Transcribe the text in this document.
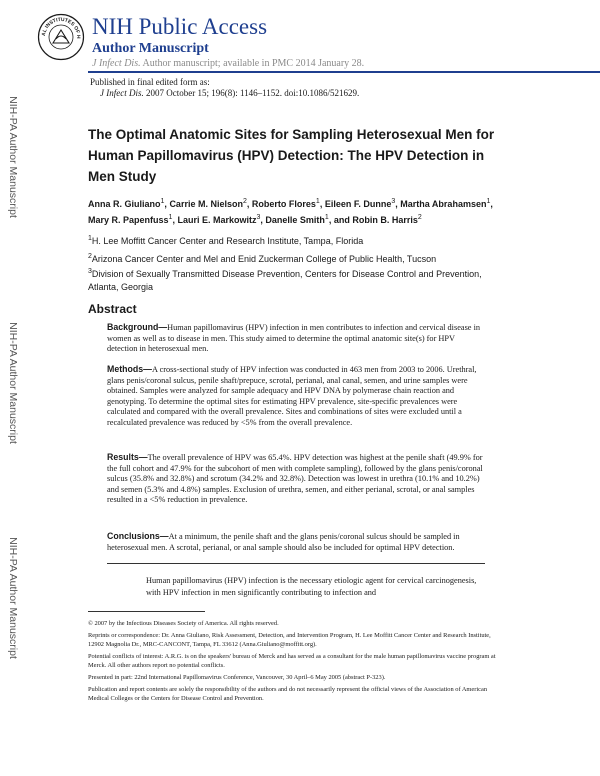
AL INSTITUTES OF H NIH Public Access
Author Manuscript
J Infect Dis. Author manuscript; available in PMC 2014 January 28.
Published in final edited form as:
J Infect Dis. 2007 October 15; 196(8): 1146–1152. doi:10.1086/521629.
NIH-PA Author Manuscript
NIH-PA Author Manuscript
NIH-PA Author Manuscript
The Optimal Anatomic Sites for Sampling Heterosexual Men for Human Papillomavirus (HPV) Detection: The HPV Detection in Men Study
Anna R. Giuliano$^1$, Carrie M. Nielson$^2$, Roberto Flores$^1$, Eileen F. Dunne$^3$, Martha Abrahamsen$^1$, Mary R. Papenfuss$^1$, Lauri E. Markowitz$^3$, Danelle Smith$^1$, and Robin B. Harris$^2$
$^1$H. Lee Moffitt Cancer Center and Research Institute, Tampa, Florida
$^2$Arizona Cancer Center and Mel and Enid Zuckerman College of Public Health, Tucson
$^3$Division of Sexually Transmitted Disease Prevention, Centers for Disease Control and Prevention, Atlanta, Georgia
Abstract
Background—Human papillomavirus (HPV) infection in men contributes to infection and cervical disease in women as well as to disease in men. This study aimed to determine the optimal anatomic site(s) for HPV detection in heterosexual men.
Methods—A cross-sectional study of HPV infection was conducted in 463 men from 2003 to 2006. Urethral, glans penis/coronal sulcus, penile shaft/prepuce, scrotal, perianal, anal canal, semen, and urine samples were obtained. Samples were analyzed for sample adequacy and HPV DNA by polymerase chain reaction and genotyping. To determine the optimal sites for estimating HPV prevalence, site-specific prevalences were calculated and compared with the overall prevalence. Sites and combinations of sites were excluded until a recalculated prevalence was reduced by <5% from the overall prevalence.
Results—The overall prevalence of HPV was 65.4%. HPV detection was highest at the penile shaft (49.9% for the full cohort and 47.9% for the subcohort of men with complete sampling), followed by the glans penis/coronal sulcus (35.8% and 32.8%) and scrotum (34.2% and 32.8%). Detection was lowest in urethra (10.1% and 10.2%) and semen (5.3% and 4.8%) samples. Exclusion of urethra, semen, and either perianal, scrotal, or anal samples resulted in a <5% reduction in prevalence.
Conclusions—At a minimum, the penile shaft and the glans penis/coronal sulcus should be sampled in heterosexual men. A scrotal, perianal, or anal sample should also be included for optimal HPV detection.
Human papillomavirus (HPV) infection is the necessary etiologic agent for cervical carcinogenesis, with HPV infection in men significantly contributing to infection and
© 2007 by the Infectious Diseases Society of America. All rights reserved.
Reprints or correspondence: Dr. Anna Giuliano, Risk Assessment, Detection, and Intervention Program, H. Lee Moffitt Cancer Center and Research Institute, 12902 Magnolia Dr., MRC-CANCONT, Tampa, FL 33612 (Anna.Giuliano@moffitt.org).
Potential conflicts of interest: A.R.G. is on the speakers' bureau of Merck and has served as a consultant for the male human papillomavirus vaccine program at Merck. All other authors report no potential conflicts.
Presented in part: 22nd International Papillomavirus Conference, Vancouver, 30 April–6 May 2005 (abstract P-323).
Publication and report contents are solely the responsibility of the authors and do not necessarily represent the official views of the Association of American Medical Colleges or the Centers for Disease Control and Prevention.
